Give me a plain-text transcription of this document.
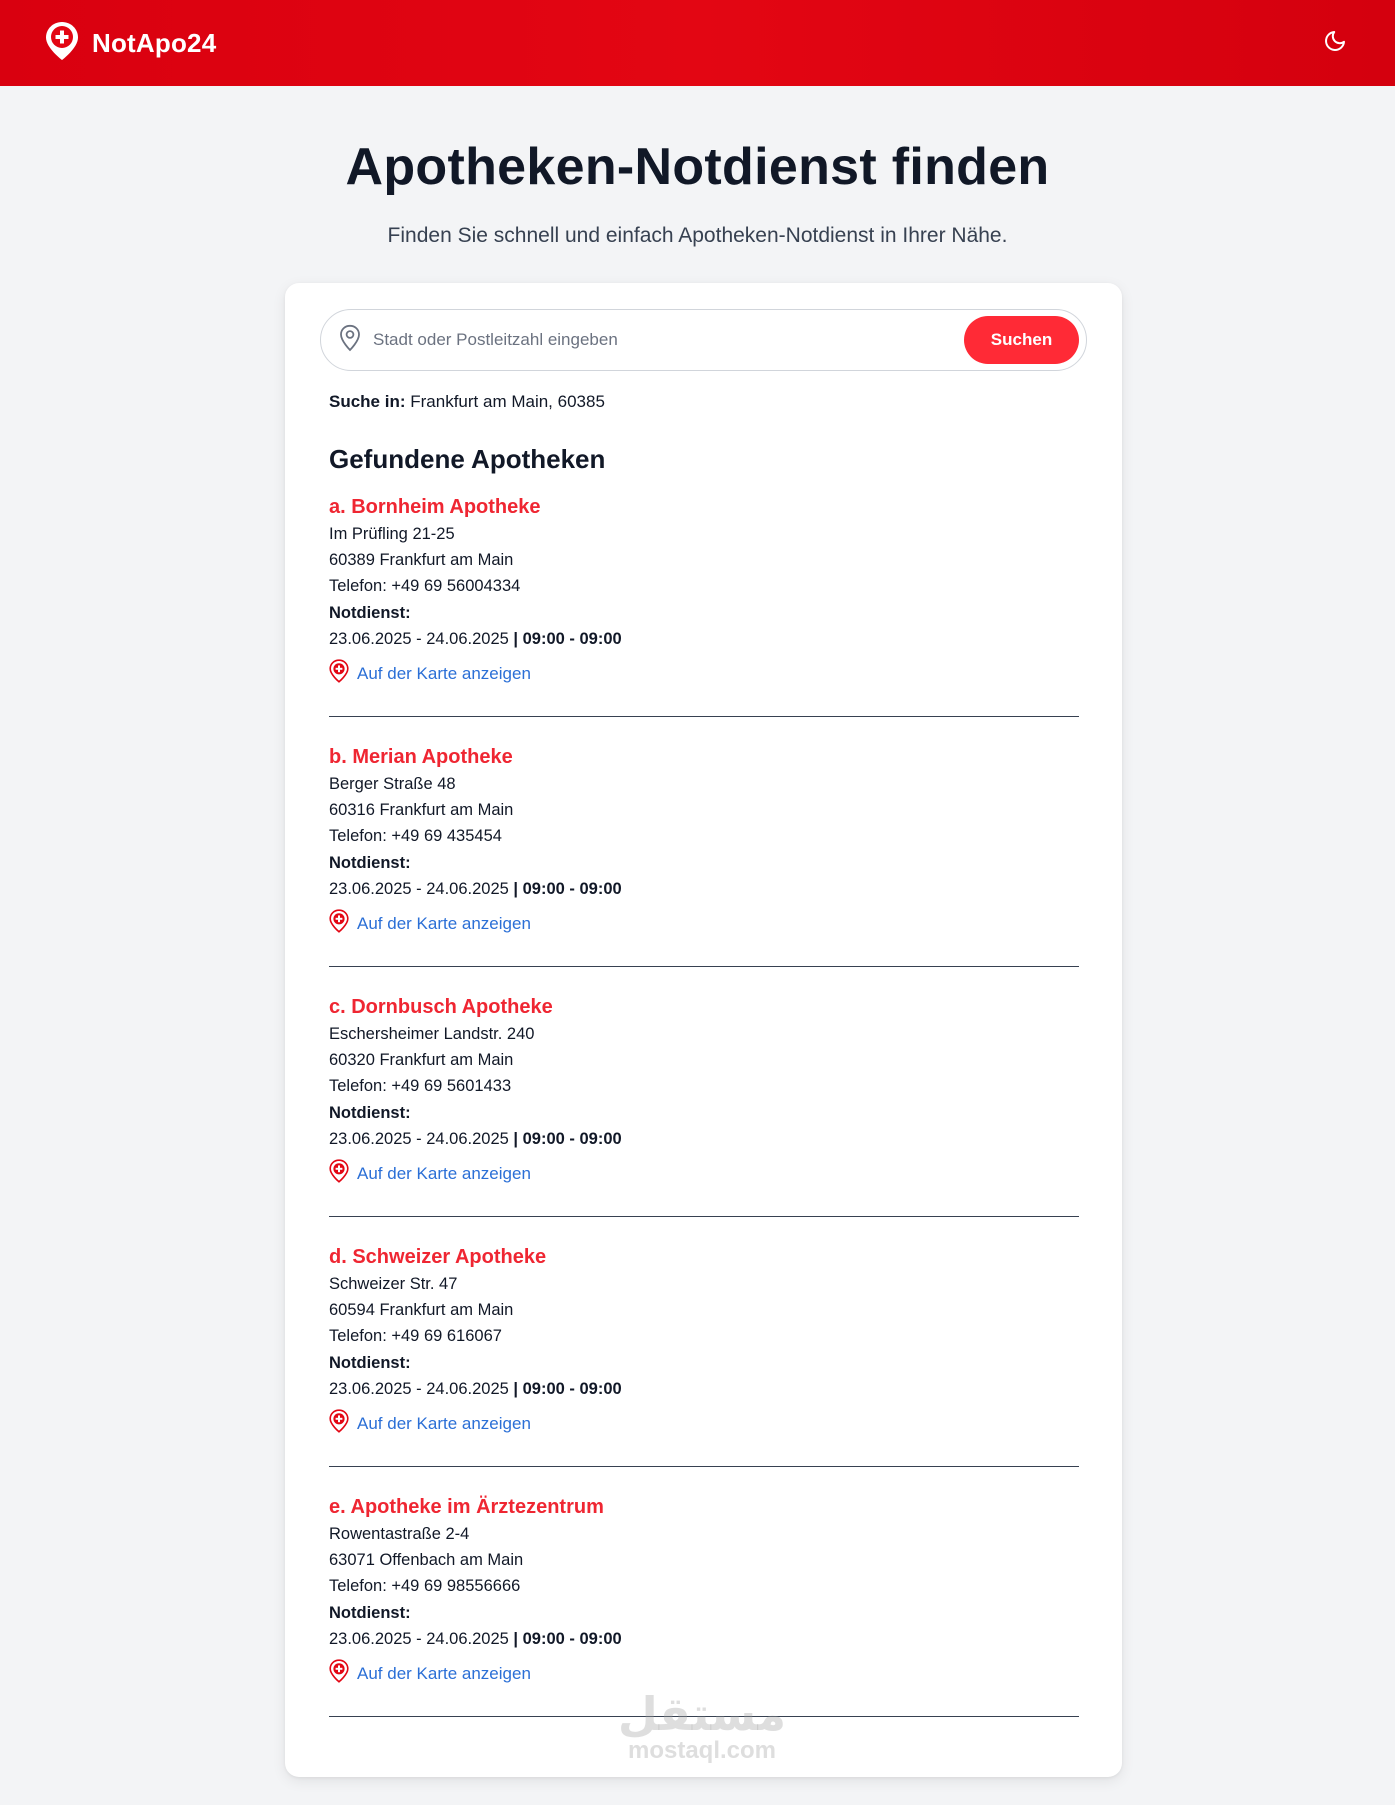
NotApo24
Apotheken-Notdienst finden

Finden Sie schnell und einfach Apotheken-Notdienst in Ihrer Nähe.

Stadt oder Postleitzahl eingeben
Suchen
Suche in: Frankfurt am Main, 60385
Gefundene Apotheken
a. Bornheim Apotheke
Im Prüfling 21-25
60389 Frankfurt am Main
Telefon: +49 69 56004334
Notdienst:
23.06.2025 - 24.06.2025 | 09:00 - 09:00
Auf der Karte anzeigen
b. Merian Apotheke
Berger Straße 48
60316 Frankfurt am Main
Telefon: +49 69 435454
Notdienst:
23.06.2025 - 24.06.2025 | 09:00 - 09:00
Auf der Karte anzeigen
c. Dornbusch Apotheke
Eschersheimer Landstr. 240
60320 Frankfurt am Main
Telefon: +49 69 5601433
Notdienst:
23.06.2025 - 24.06.2025 | 09:00 - 09:00
Auf der Karte anzeigen
d. Schweizer Apotheke
Schweizer Str. 47
60594 Frankfurt am Main
Telefon: +49 69 616067
Notdienst:
23.06.2025 - 24.06.2025 | 09:00 - 09:00
Auf der Karte anzeigen
e. Apotheke im Ärztezentrum
Rowentastraße 2-4
63071 Offenbach am Main
Telefon: +49 69 98556666
Notdienst:
23.06.2025 - 24.06.2025 | 09:00 - 09:00
Auf der Karte anzeigen
مستقل
mostaql.com
